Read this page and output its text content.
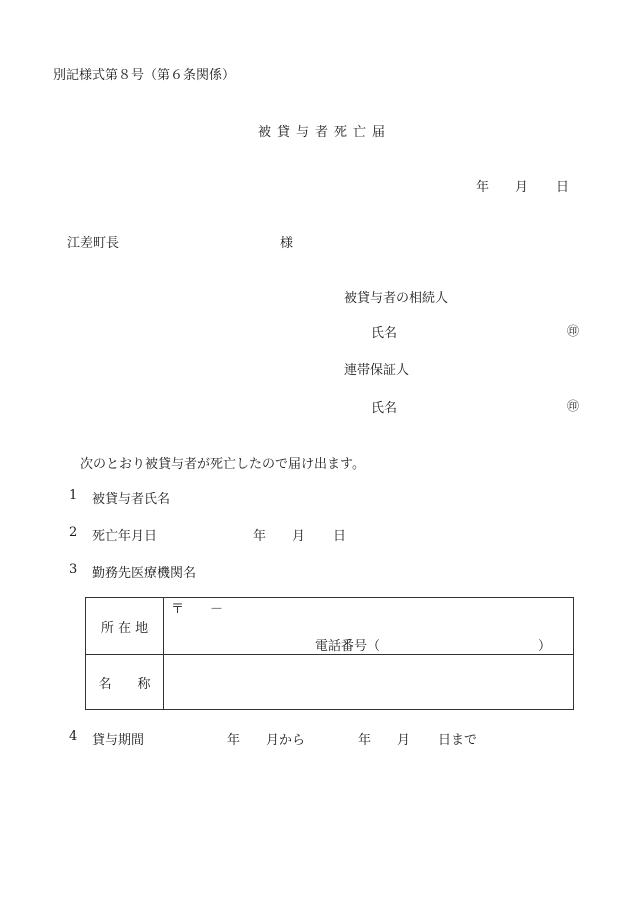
別記様式第８号（第６条関係）
被貸与者死亡届
年 月 日
江差町長	様
被貸与者の相続人
氏名	㊞
連帯保証人
氏名	㊞
次のとおり被貸与者が死亡したので届け出ます。
1 被貸与者氏名
2 死亡年月日	年 月 日
3 勤務先医療機関名
所 在 地	〒 －
電話番号（ ）

名　　称	
4 貸与期間	年 月から	年 月 日まで
